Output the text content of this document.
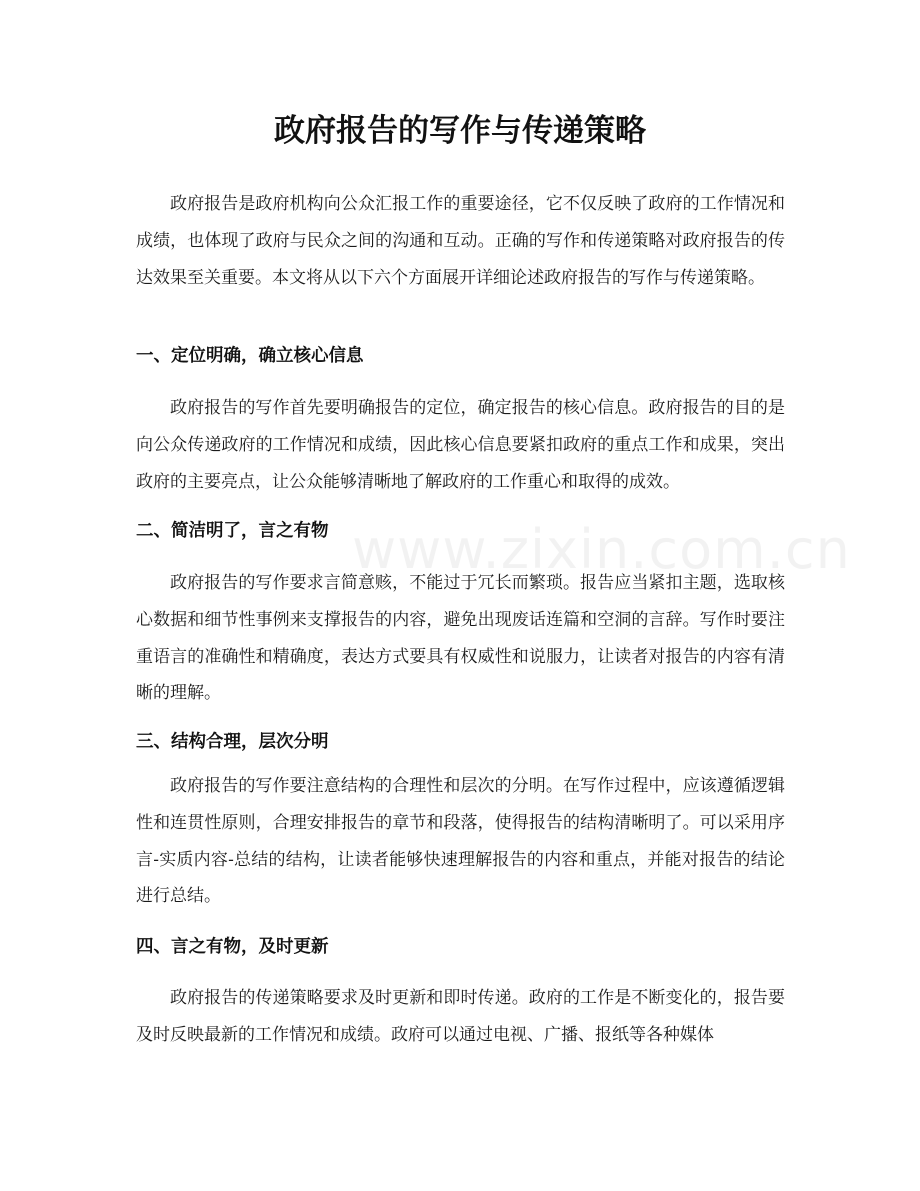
政府报告的写作与传递策略

政府报告是政府机构向公众汇报工作的重要途径，它不仅反映了政府的工作情况和成绩，也体现了政府与民众之间的沟通和互动。正确的写作和传递策略对政府报告的传达效果至关重要。本文将从以下六个方面展开详细论述政府报告的写作与传递策略。

一、定位明确，确立核心信息

政府报告的写作首先要明确报告的定位，确定报告的核心信息。政府报告的目的是向公众传递政府的工作情况和成绩，因此核心信息要紧扣政府的重点工作和成果，突出政府的主要亮点，让公众能够清晰地了解政府的工作重心和取得的成效。

二、简洁明了，言之有物

政府报告的写作要求言简意赅，不能过于冗长而繁琐。报告应当紧扣主题，选取核心数据和细节性事例来支撑报告的内容，避免出现废话连篇和空洞的言辞。写作时要注重语言的准确性和精确度，表达方式要具有权威性和说服力，让读者对报告的内容有清晰的理解。

三、结构合理，层次分明

政府报告的写作要注意结构的合理性和层次的分明。在写作过程中，应该遵循逻辑性和连贯性原则，合理安排报告的章节和段落，使得报告的结构清晰明了。可以采用序言-实质内容-总结的结构，让读者能够快速理解报告的内容和重点，并能对报告的结论进行总结。

四、言之有物，及时更新

政府报告的传递策略要求及时更新和即时传递。政府的工作是不断变化的，报告要及时反映最新的工作情况和成绩。政府可以通过电视、广播、报纸等各种媒体

www.zixin.com.cn
